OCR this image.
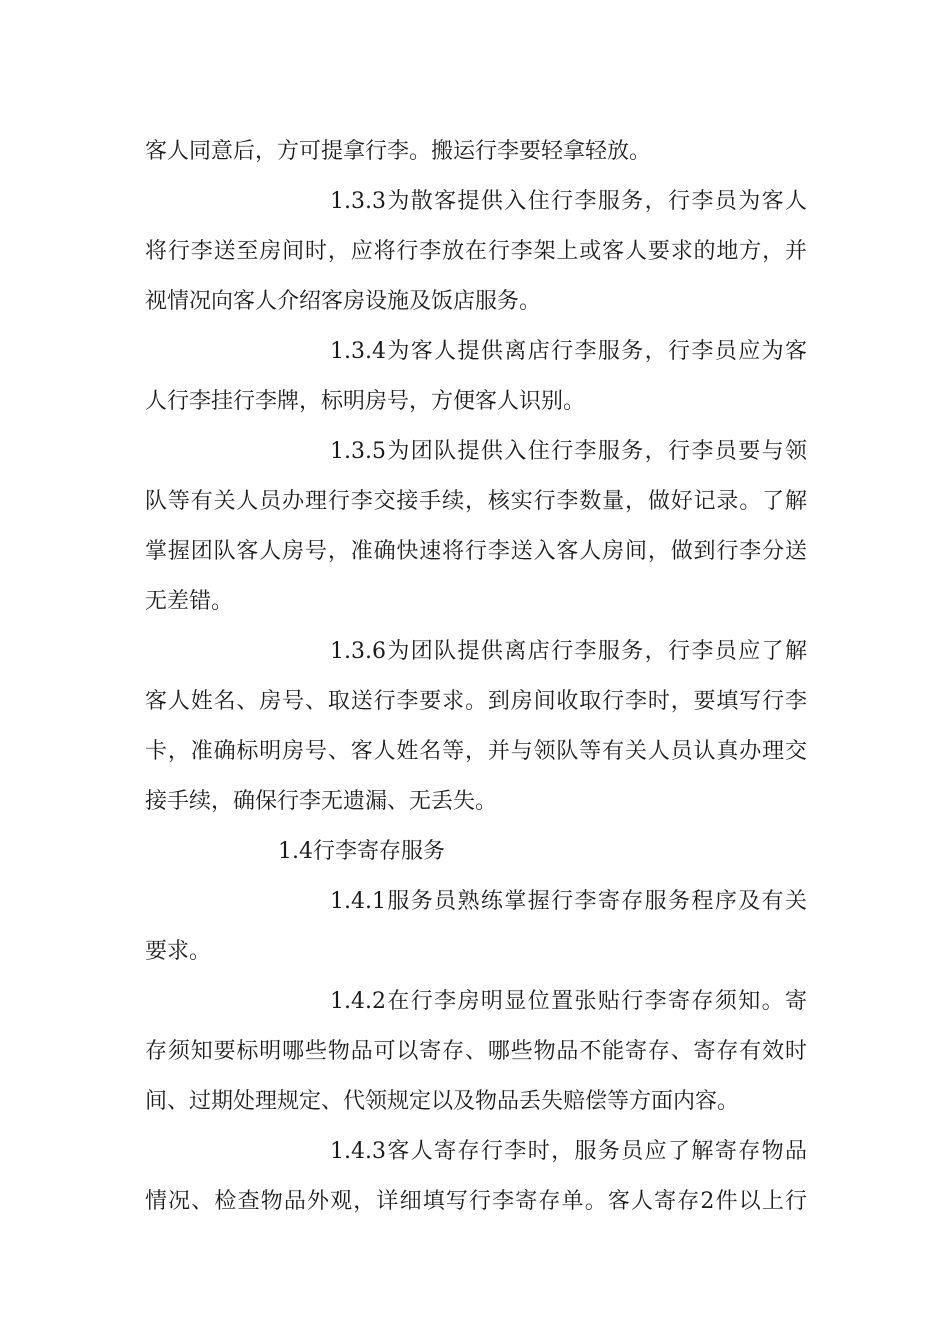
客人同意后，方可提拿行李。搬运行李要轻拿轻放。
1.3.3为散客提供入住行李服务，行李员为客人
将行李送至房间时，应将行李放在行李架上或客人要求的地方，并
视情况向客人介绍客房设施及饭店服务。
1.3.4为客人提供离店行李服务，行李员应为客
人行李挂行李牌，标明房号，方便客人识别。
1.3.5为团队提供入住行李服务，行李员要与领
队等有关人员办理行李交接手续，核实行李数量，做好记录。了解
掌握团队客人房号，准确快速将行李送入客人房间，做到行李分送
无差错。
1.3.6为团队提供离店行李服务，行李员应了解
客人姓名、房号、取送行李要求。到房间收取行李时，要填写行李
卡，准确标明房号、客人姓名等，并与领队等有关人员认真办理交
接手续，确保行李无遗漏、无丢失。
1.4行李寄存服务
1.4.1服务员熟练掌握行李寄存服务程序及有关
要求。
1.4.2在行李房明显位置张贴行李寄存须知。寄
存须知要标明哪些物品可以寄存、哪些物品不能寄存、寄存有效时
间、过期处理规定、代领规定以及物品丢失赔偿等方面内容。
1.4.3客人寄存行李时，服务员应了解寄存物品
情况、检查物品外观，详细填写行李寄存单。客人寄存2件以上行
